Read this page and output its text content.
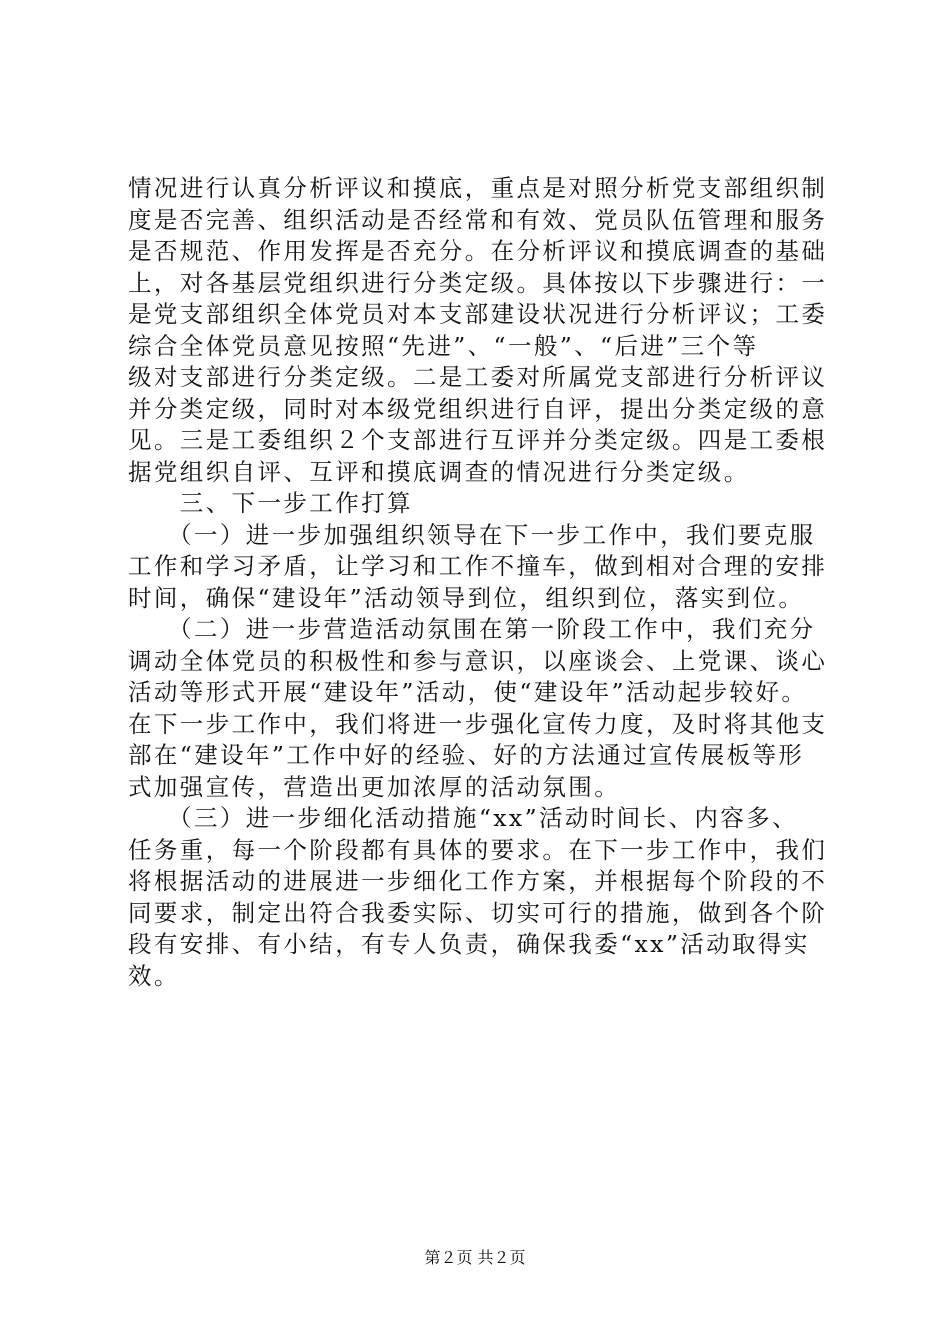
情况进行认真分析评议和摸底，重点是对照分析党支部组织制
度是否完善、组织活动是否经常和有效、党员队伍管理和服务
是否规范、作用发挥是否充分。在分析评议和摸底调查的基础
上，对各基层党组织进行分类定级。具体按以下步骤进行：一
是党支部组织全体党员对本支部建设状况进行分析评议；工委
综合全体党员意见按照“先进”、“一般”、“后进”三个等
级对支部进行分类定级。二是工委对所属党支部进行分析评议
并分类定级，同时对本级党组织进行自评，提出分类定级的意
见。三是工委组织２个支部进行互评并分类定级。四是工委根
据党组织自评、互评和摸底调查的情况进行分类定级。
　　三、下一步工作打算
　　（一）进一步加强组织领导在下一步工作中，我们要克服
工作和学习矛盾，让学习和工作不撞车，做到相对合理的安排
时间，确保“建设年”活动领导到位，组织到位，落实到位。
　　（二）进一步营造活动氛围在第一阶段工作中，我们充分
调动全体党员的积极性和参与意识，以座谈会、上党课、谈心
活动等形式开展“建设年”活动，使“建设年”活动起步较好。
在下一步工作中，我们将进一步强化宣传力度，及时将其他支
部在“建设年”工作中好的经验、好的方法通过宣传展板等形
式加强宣传，营造出更加浓厚的活动氛围。
　　（三）进一步细化活动措施“xx”活动时间长、内容多、
任务重，每一个阶段都有具体的要求。在下一步工作中，我们
将根据活动的进展进一步细化工作方案，并根据每个阶段的不
同要求，制定出符合我委实际、切实可行的措施，做到各个阶
段有安排、有小结，有专人负责，确保我委“xx”活动取得实
效。
第２页 共２页
